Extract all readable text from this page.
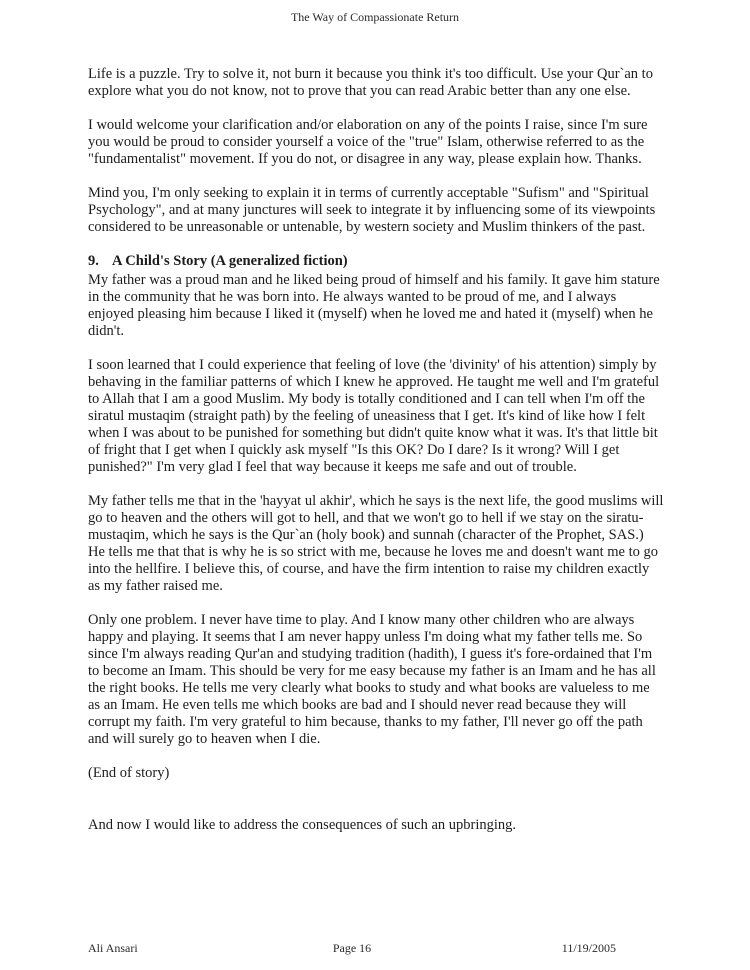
The Way of Compassionate Return

Life is a puzzle. Try to solve it, not burn it because you think it's too difficult. Use your Qur`an to explore what you do not know, not to prove that you can read Arabic better than any one else.

I would welcome your clarification and/or elaboration on any of the points I raise, since I'm sure you would be proud to consider yourself a voice of the "true" Islam, otherwise referred to as the "fundamentalist" movement. If you do not, or disagree in any way, please explain how. Thanks.

Mind you, I'm only seeking to explain it in terms of currently acceptable "Sufism" and "Spiritual Psychology", and at many junctures will seek to integrate it by influencing some of its viewpoints considered to be unreasonable or untenable, by western society and Muslim thinkers of the past.

9. A Child's Story (A generalized fiction)

My father was a proud man and he liked being proud of himself and his family. It gave him stature in the community that he was born into. He always wanted to be proud of me, and I always enjoyed pleasing him because I liked it (myself) when he loved me and hated it (myself) when he didn't.

I soon learned that I could experience that feeling of love (the 'divinity' of his attention) simply by behaving in the familiar patterns of which I knew he approved. He taught me well and I'm grateful to Allah that I am a good Muslim. My body is totally conditioned and I can tell when I'm off the siratul mustaqim (straight path) by the feeling of uneasiness that I get. It's kind of like how I felt when I was about to be punished for something but didn't quite know what it was. It's that little bit of fright that I get when I quickly ask myself "Is this OK? Do I dare? Is it wrong? Will I get punished?" I'm very glad I feel that way because it keeps me safe and out of trouble.

My father tells me that in the 'hayyat ul akhir', which he says is the next life, the good muslims will go to heaven and the others will got to hell, and that we won't go to hell if we stay on the siratu-mustaqim, which he says is the Qur`an (holy book) and sunnah (character of the Prophet, SAS.) He tells me that that is why he is so strict with me, because he loves me and doesn't want me to go into the hellfire. I believe this, of course, and have the firm intention to raise my children exactly as my father raised me.

Only one problem. I never have time to play. And I know many other children who are always happy and playing. It seems that I am never happy unless I'm doing what my father tells me. So since I'm always reading Qur'an and studying tradition (hadith), I guess it's fore-ordained that I'm to become an Imam. This should be very for me easy because my father is an Imam and he has all the right books. He tells me very clearly what books to study and what books are valueless to me as an Imam. He even tells me which books are bad and I should never read because they will corrupt my faith. I'm very grateful to him because, thanks to my father, I'll never go off the path and will surely go to heaven when I die.

(End of story)

And now I would like to address the consequences of such an upbringing.

Ali Ansari	Page 16	11/19/2005
